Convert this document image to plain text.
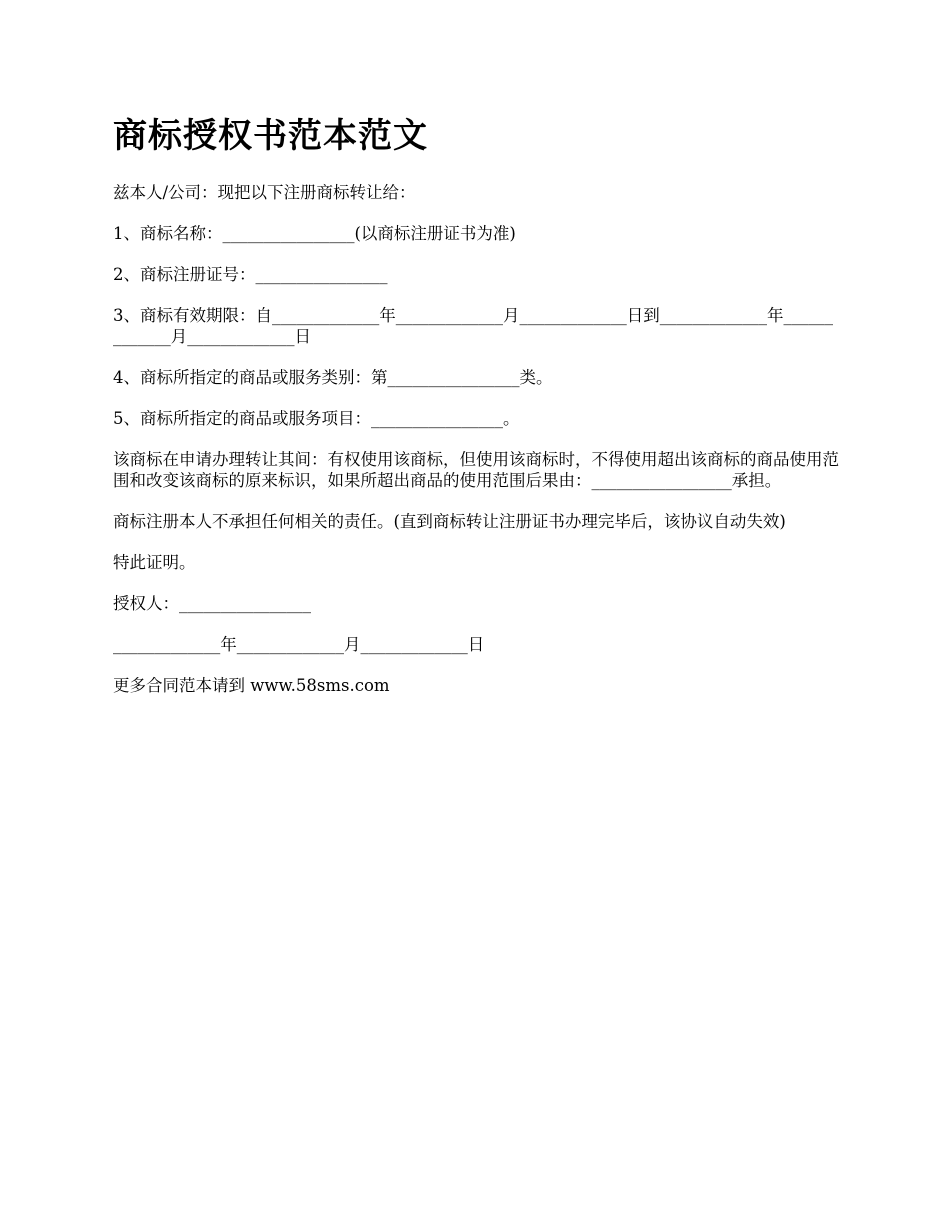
商标授权书范本范文

兹本人/公司：现把以下注册商标转让给：

1、商标名称：________________(以商标注册证书为准)

2、商标注册证号：________________

3、商标有效期限：自_____________年_____________月_____________日到_____________年_____________月_____________日

4、商标所指定的商品或服务类别：第________________类。

5、商标所指定的商品或服务项目：________________。

该商标在申请办理转让其间：有权使用该商标，但使用该商标时，不得使用超出该商标的商品使用范围和改变该商标的原来标识，如果所超出商品的使用范围后果由：_________________承担。

商标注册本人不承担任何相关的责任。(直到商标转让注册证书办理完毕后，该协议自动失效)

特此证明。

授权人：________________

_____________年_____________月_____________日

更多合同范本请到 www.58sms.com
